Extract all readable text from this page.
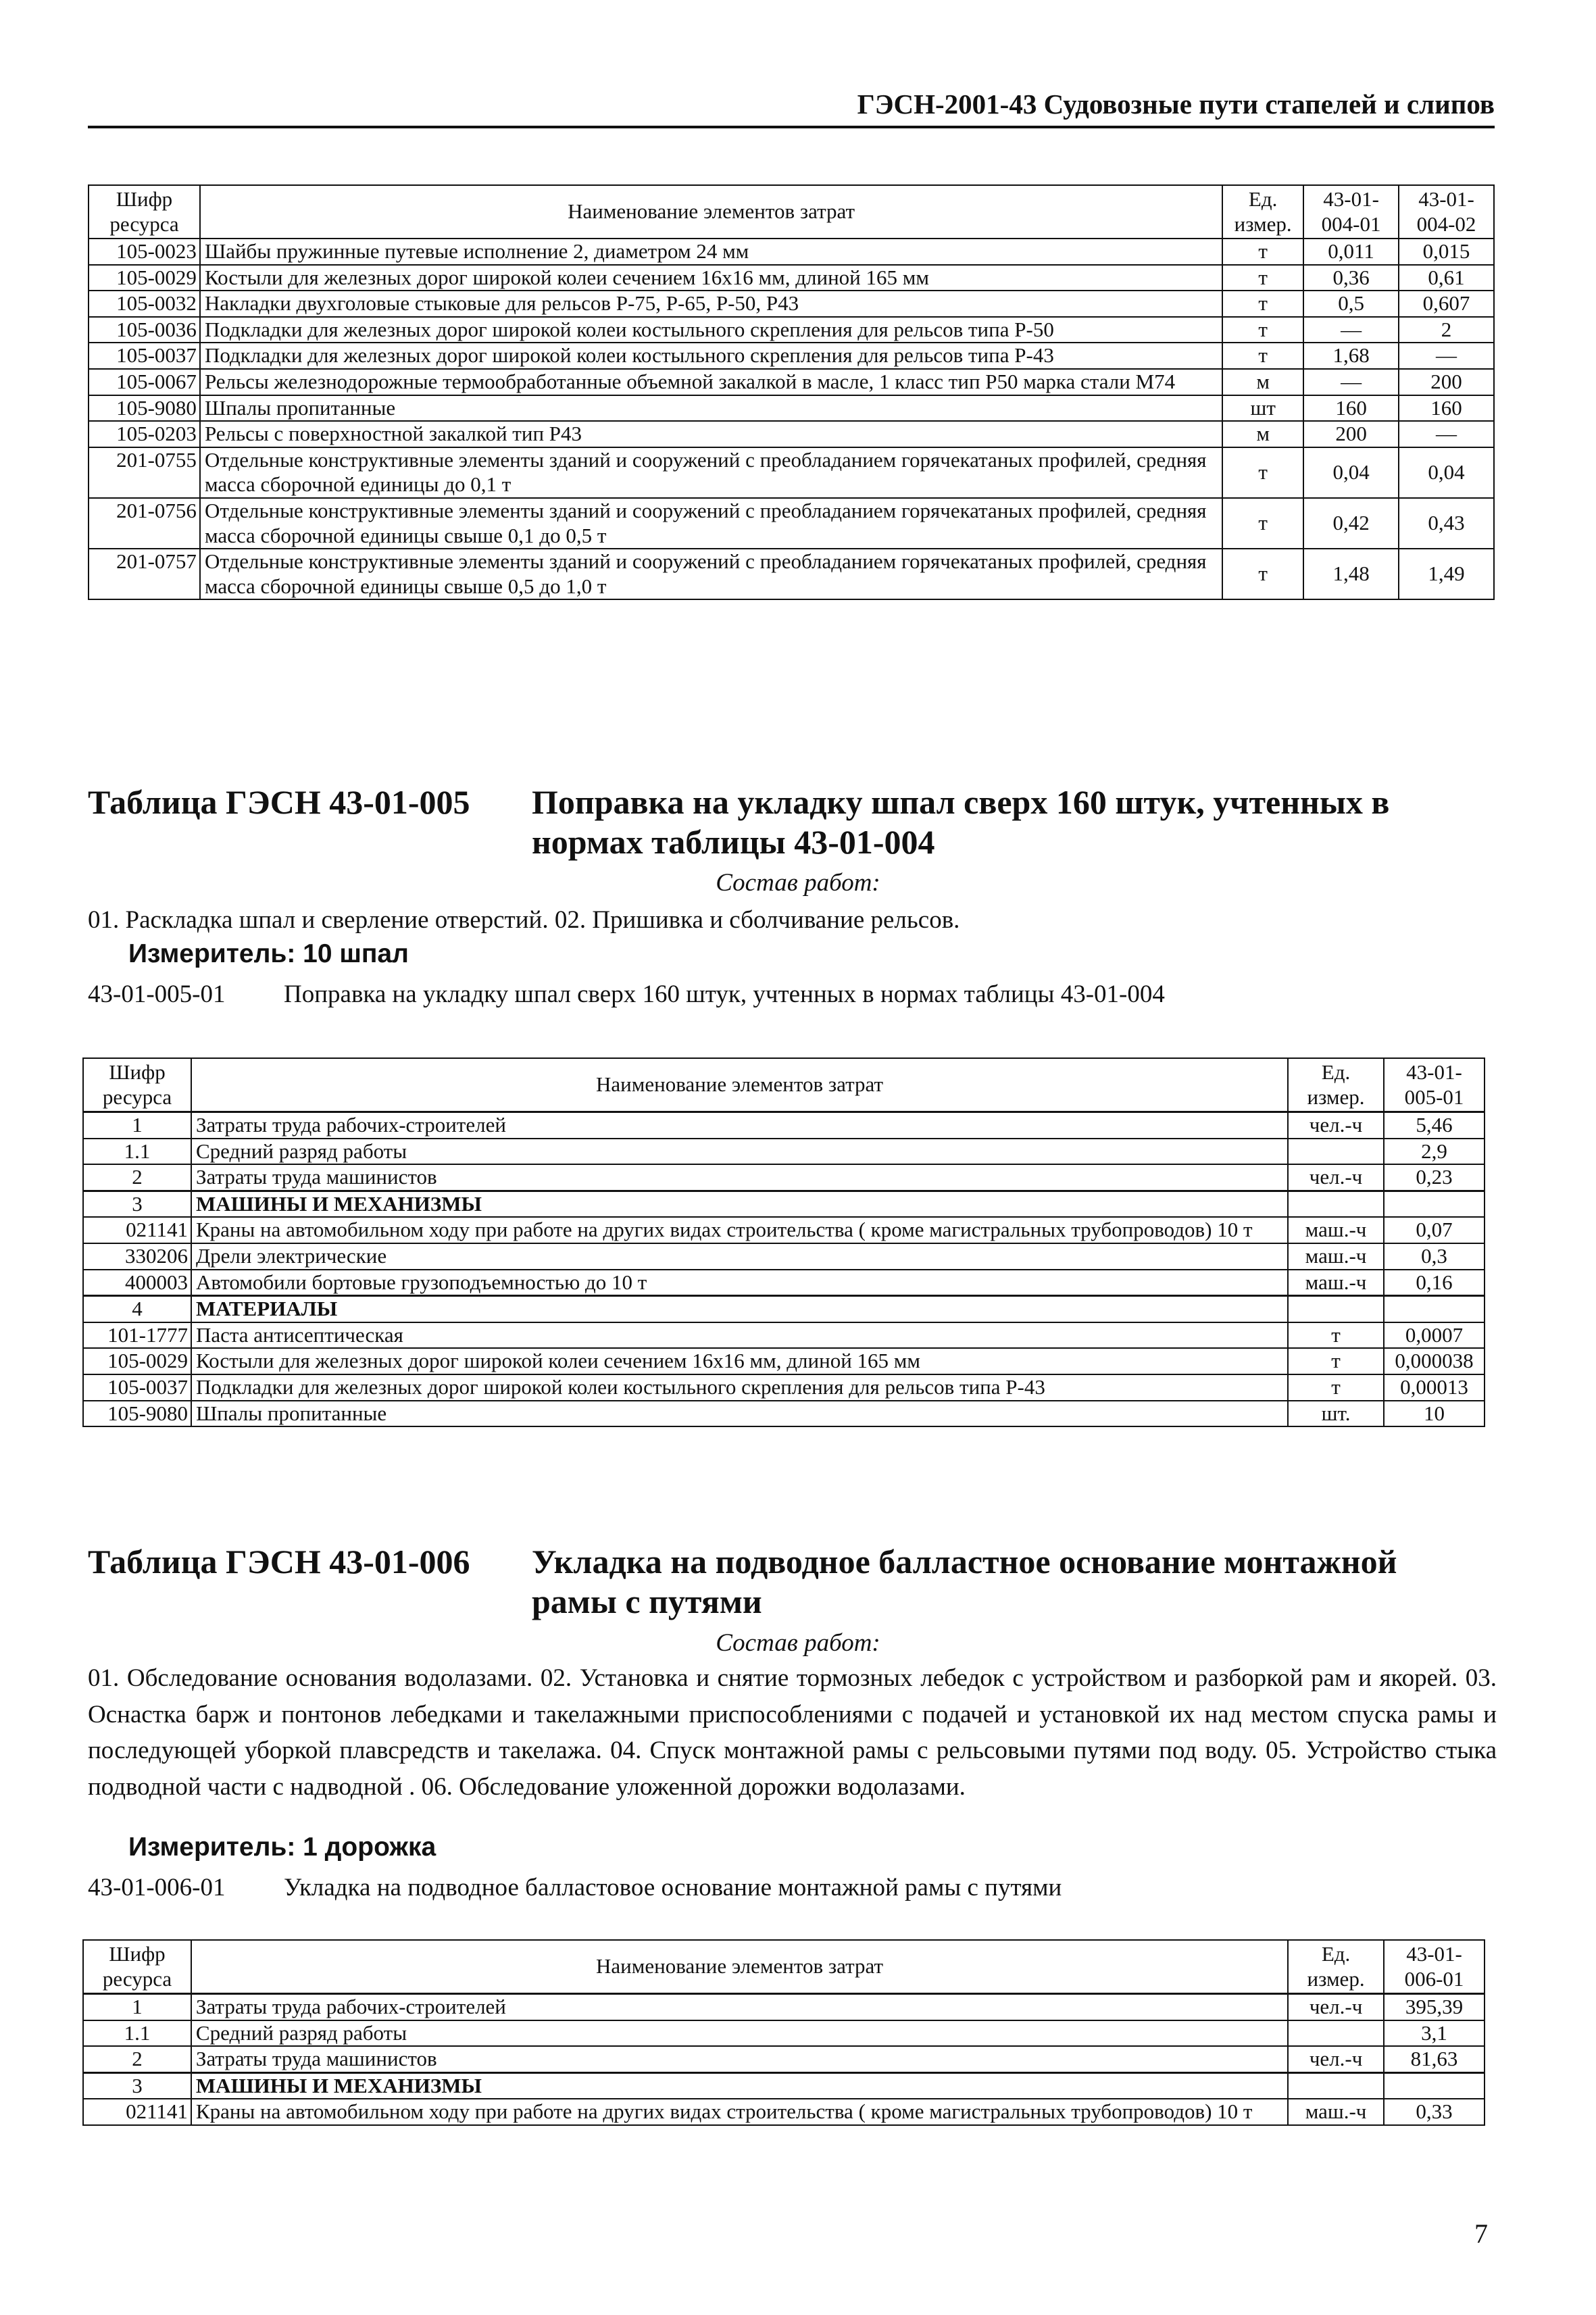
ГЭСН-2001-43 Судовозные пути стапелей и слипов
Шифр ресурса	Наименование элементов затрат	Ед. измер.	43-01- 004-01	43-01- 004-02
105-0023	Шайбы пружинные путевые исполнение 2, диаметром 24 мм	т	0,011	0,015
105-0029	Костыли для железных дорог широкой колеи сечением 16х16 мм, длиной 165 мм	т	0,36	0,61
105-0032	Накладки двухголовые стыковые для рельсов Р-75, Р-65, Р-50, Р43	т	0,5	0,607
105-0036	Подкладки для железных дорог широкой колеи костыльного скрепления для рельсов типа Р-50	т	—	2
105-0037	Подкладки для железных дорог широкой колеи костыльного скрепления для рельсов типа Р-43	т	1,68	—
105-0067	Рельсы железнодорожные термообработанные объемной закалкой в масле, 1 класс тип Р50 марка стали М74	м	—	200
105-9080	Шпалы пропитанные	шт	160	160
105-0203	Рельсы с поверхностной закалкой тип Р43	м	200	—
201-0755	Отдельные конструктивные элементы зданий и сооружений с преобладанием горячекатаных профилей, средняя масса сборочной единицы до 0,1 т	т	0,04	0,04
201-0756	Отдельные конструктивные элементы зданий и сооружений с преобладанием горячекатаных профилей, средняя масса сборочной единицы свыше 0,1 до 0,5 т	т	0,42	0,43
201-0757	Отдельные конструктивные элементы зданий и сооружений с преобладанием горячекатаных профилей, средняя масса сборочной единицы свыше 0,5 до 1,0 т	т	1,48	1,49
Таблица ГЭСН 43-01-005 Поправка на укладку шпал сверх 160 штук, учтенных в нормах таблицы 43-01-004
Состав работ:
01. Раскладка шпал и сверление отверстий. 02. Пришивка и сболчивание рельсов.
Измеритель: 10 шпал
43-01-005-01 Поправка на укладку шпал сверх 160 штук, учтенных в нормах таблицы 43-01-004
Шифр ресурса	Наименование элементов затрат	Ед. измер.	43-01- 005-01
1	Затраты труда рабочих-строителей	чел.-ч	5,46
1.1	Средний разряд работы		2,9
2	Затраты труда машинистов	чел.-ч	0,23
3	МАШИНЫ И МЕХАНИЗМЫ		
021141	Краны на автомобильном ходу при работе на других видах строительства ( кроме магистральных трубопроводов) 10 т	маш.-ч	0,07
330206	Дрели электрические	маш.-ч	0,3
400003	Автомобили бортовые грузоподъемностью до 10 т	маш.-ч	0,16
4	МАТЕРИАЛЫ		
101-1777	Паста антисептическая	т	0,0007
105-0029	Костыли для железных дорог широкой колеи сечением 16х16 мм, длиной 165 мм	т	0,000038
105-0037	Подкладки для железных дорог широкой колеи костыльного скрепления для рельсов типа Р-43	т	0,00013
105-9080	Шпалы пропитанные	шт.	10
Таблица ГЭСН 43-01-006 Укладка на подводное балластное основание монтажной рамы с путями
Состав работ:
01. Обследование основания водолазами. 02. Установка и снятие тормозных лебедок с устройством и разборкой рам и якорей. 03. Оснастка барж и понтонов лебедками и такелажными приспособлениями с подачей и установкой их над местом спуска рамы и последующей уборкой плавсредств и такелажа. 04. Спуск монтажной рамы с рельсовыми путями под воду. 05. Устройство стыка подводной части с надводной . 06. Обследование уложенной дорожки водолазами.
Измеритель: 1 дорожка
43-01-006-01 Укладка на подводное балластовое основание монтажной рамы с путями
Шифр ресурса	Наименование элементов затрат	Ед. измер.	43-01- 006-01
1	Затраты труда рабочих-строителей	чел.-ч	395,39
1.1	Средний разряд работы		3,1
2	Затраты труда машинистов	чел.-ч	81,63
3	МАШИНЫ И МЕХАНИЗМЫ		
021141	Краны на автомобильном ходу при работе на других видах строительства ( кроме магистральных трубопроводов) 10 т	маш.-ч	0,33
7
